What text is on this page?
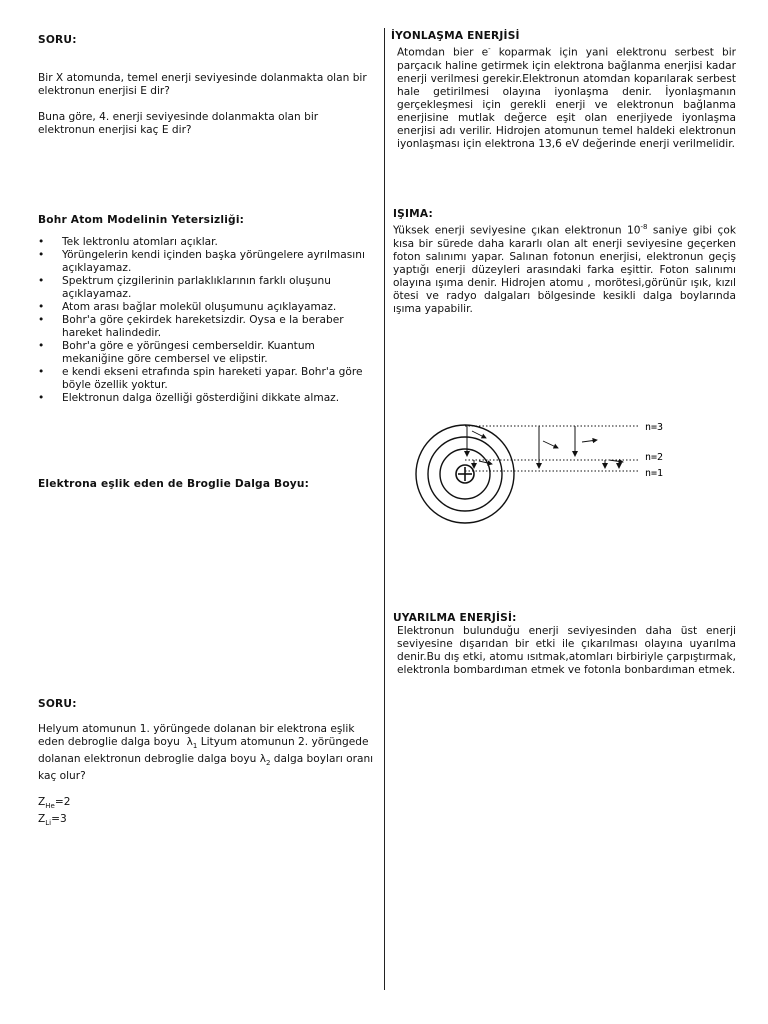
SORU:

Bir X atomunda, temel enerji seviyesinde dolanmakta olan bir elektronun enerjisi E dir?

Buna göre, 4. enerji seviyesinde dolanmakta olan bir elektronun enerjisi kaç E dir?

Bohr Atom Modelinin Yetersizliği:
• Tek lektronlu atomları açıklar.
• Yörüngelerin kendi içinden başka yörüngelere ayrılmasını açıklayamaz.
• Spektrum çizgilerinin parlaklıklarının farklı oluşunu açıklayamaz.
• Atom arası bağlar molekül oluşumunu açıklayamaz.
• Bohr'a göre çekirdek hareketsizdir. Oysa e la beraber hareket halindedir.
• Bohr'a göre e yörüngesi cemberseldir. Kuantum mekaniğine göre cembersel ve elipstir.
• e kendi ekseni etrafında spin hareketi yapar. Bohr'a göre böyle özellik yoktur.
• Elektronun dalga özelliği gösterdiğini dikkate almaz.
Elektrona eşlik eden de Broglie Dalga Boyu:
SORU:

Helyum atomunun 1. yörüngede dolanan bir elektrona eşlik eden debroglie dalga boyu $\lambda_1$ Lityum atomunun 2. yörüngede dolanan elektronun debroglie dalga boyu $\lambda_2$ dalga boyları oranı kaç olur?

$Z_{He}=2$
$Z_{Li}=3$
İYONLAŞMA ENERJİSİ

Atomdan bier e- koparmak için yani elektronu serbest bir parçacık haline getirmek için elektrona bağlanma enerjisi kadar enerji verilmesi gerekir.Elektronun atomdan koparılarak serbest hale getirilmesi olayına iyonlaşma denir. İyonlaşmanın gerçekleşmesi için gerekli enerji ve elektronun bağlanma enerjisine mutlak değerce eşit olan enerjiyede iyonlaşma enerjisi adı verilir. Hidrojen atomunun temel haldeki elektronun iyonlaşması için elektrona 13,6 eV değerinde enerji verilmelidir.

IŞIMA:

Yüksek enerji seviyesine çıkan elektronun $10^{-8}$ saniye gibi çok kısa bir sürede daha kararlı olan alt enerji seviyesine geçerken foton salınımı yapar. Salınan fotonun enerjisi, elektronun geçiş yaptığı enerji düzeyleri arasındaki farka eşittir. Foton salınımı olayına ışıma denir. Hidrojen atomu , morötesi,görünür ışık, kızıl ötesi ve radyo dalgaları bölgesinde kesikli dalga boylarında ışıma yapabilir.

UYARILMA ENERJİSİ:

Elektronun bulunduğu enerji seviyesinden daha üst enerji seviyesine dışarıdan bir etki ile çıkarılması olayına uyarılma denir.Bu dış etki, atomu ısıtmak,atomları birbiriyle çarpıştırmak, elektronla bombardıman etmek ve fotonla bonbardıman etmek.

n=3
n=2
n=1
